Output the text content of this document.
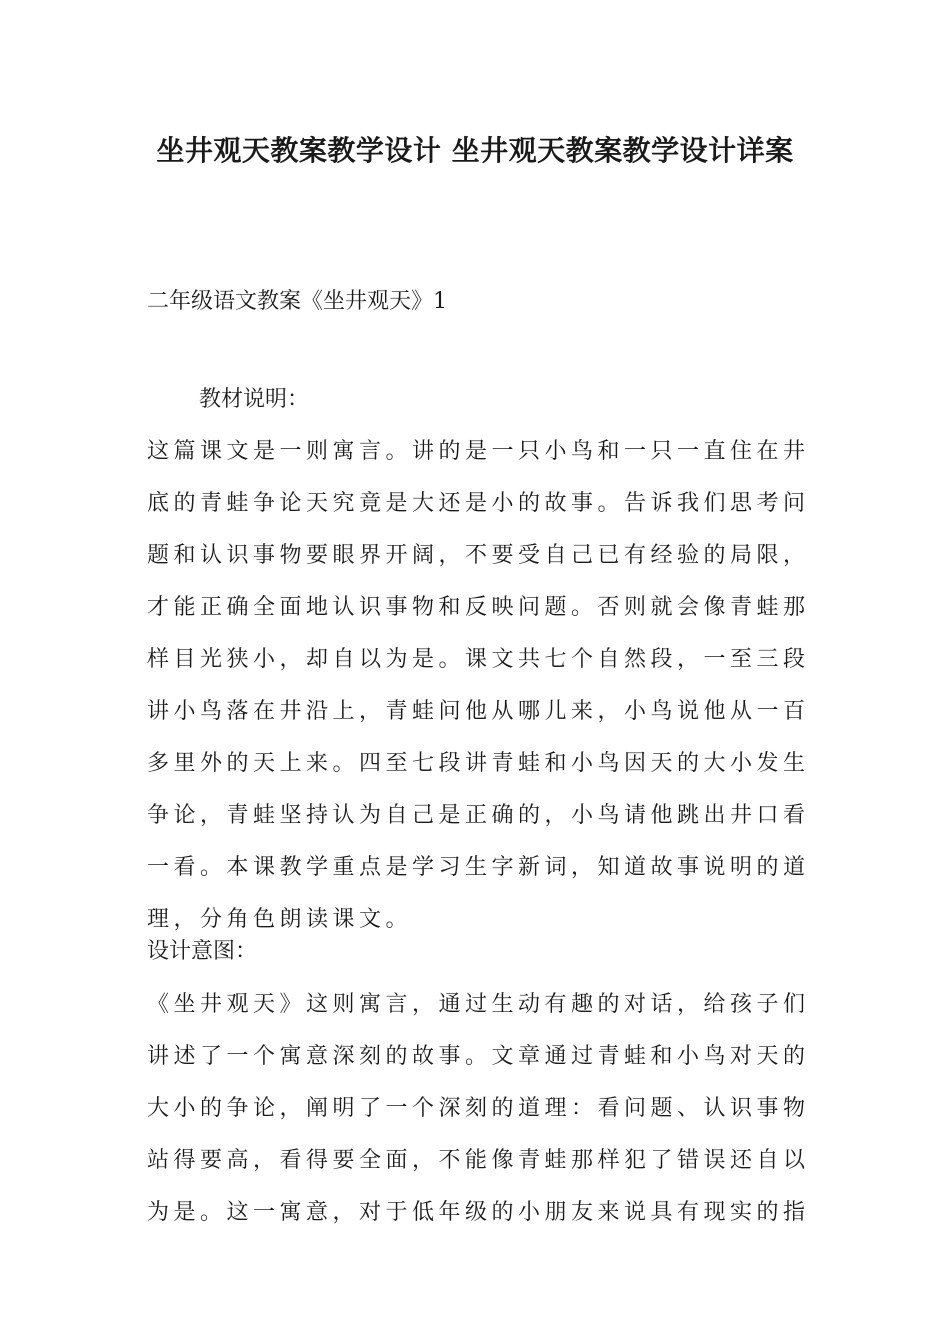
坐井观天教案教学设计 坐井观天教案教学设计详案
二年级语文教案《坐井观天》1
教材说明：
这篇课文是一则寓言。讲的是一只小鸟和一只一直住在井
底的青蛙争论天究竟是大还是小的故事。告诉我们思考问
题和认识事物要眼界开阔，不要受自己已有经验的局限，
才能正确全面地认识事物和反映问题。否则就会像青蛙那
样目光狭小，却自以为是。课文共七个自然段，一至三段
讲小鸟落在井沿上，青蛙问他从哪儿来，小鸟说他从一百
多里外的天上来。四至七段讲青蛙和小鸟因天的大小发生
争论，青蛙坚持认为自己是正确的，小鸟请他跳出井口看
一看。本课教学重点是学习生字新词，知道故事说明的道
理，分角色朗读课文。
设计意图：
《坐井观天》这则寓言，通过生动有趣的对话，给孩子们
讲述了一个寓意深刻的故事。文章通过青蛙和小鸟对天的
大小的争论，阐明了一个深刻的道理：看问题、认识事物
站得要高，看得要全面，不能像青蛙那样犯了错误还自以
为是。这一寓意，对于低年级的小朋友来说具有现实的指
